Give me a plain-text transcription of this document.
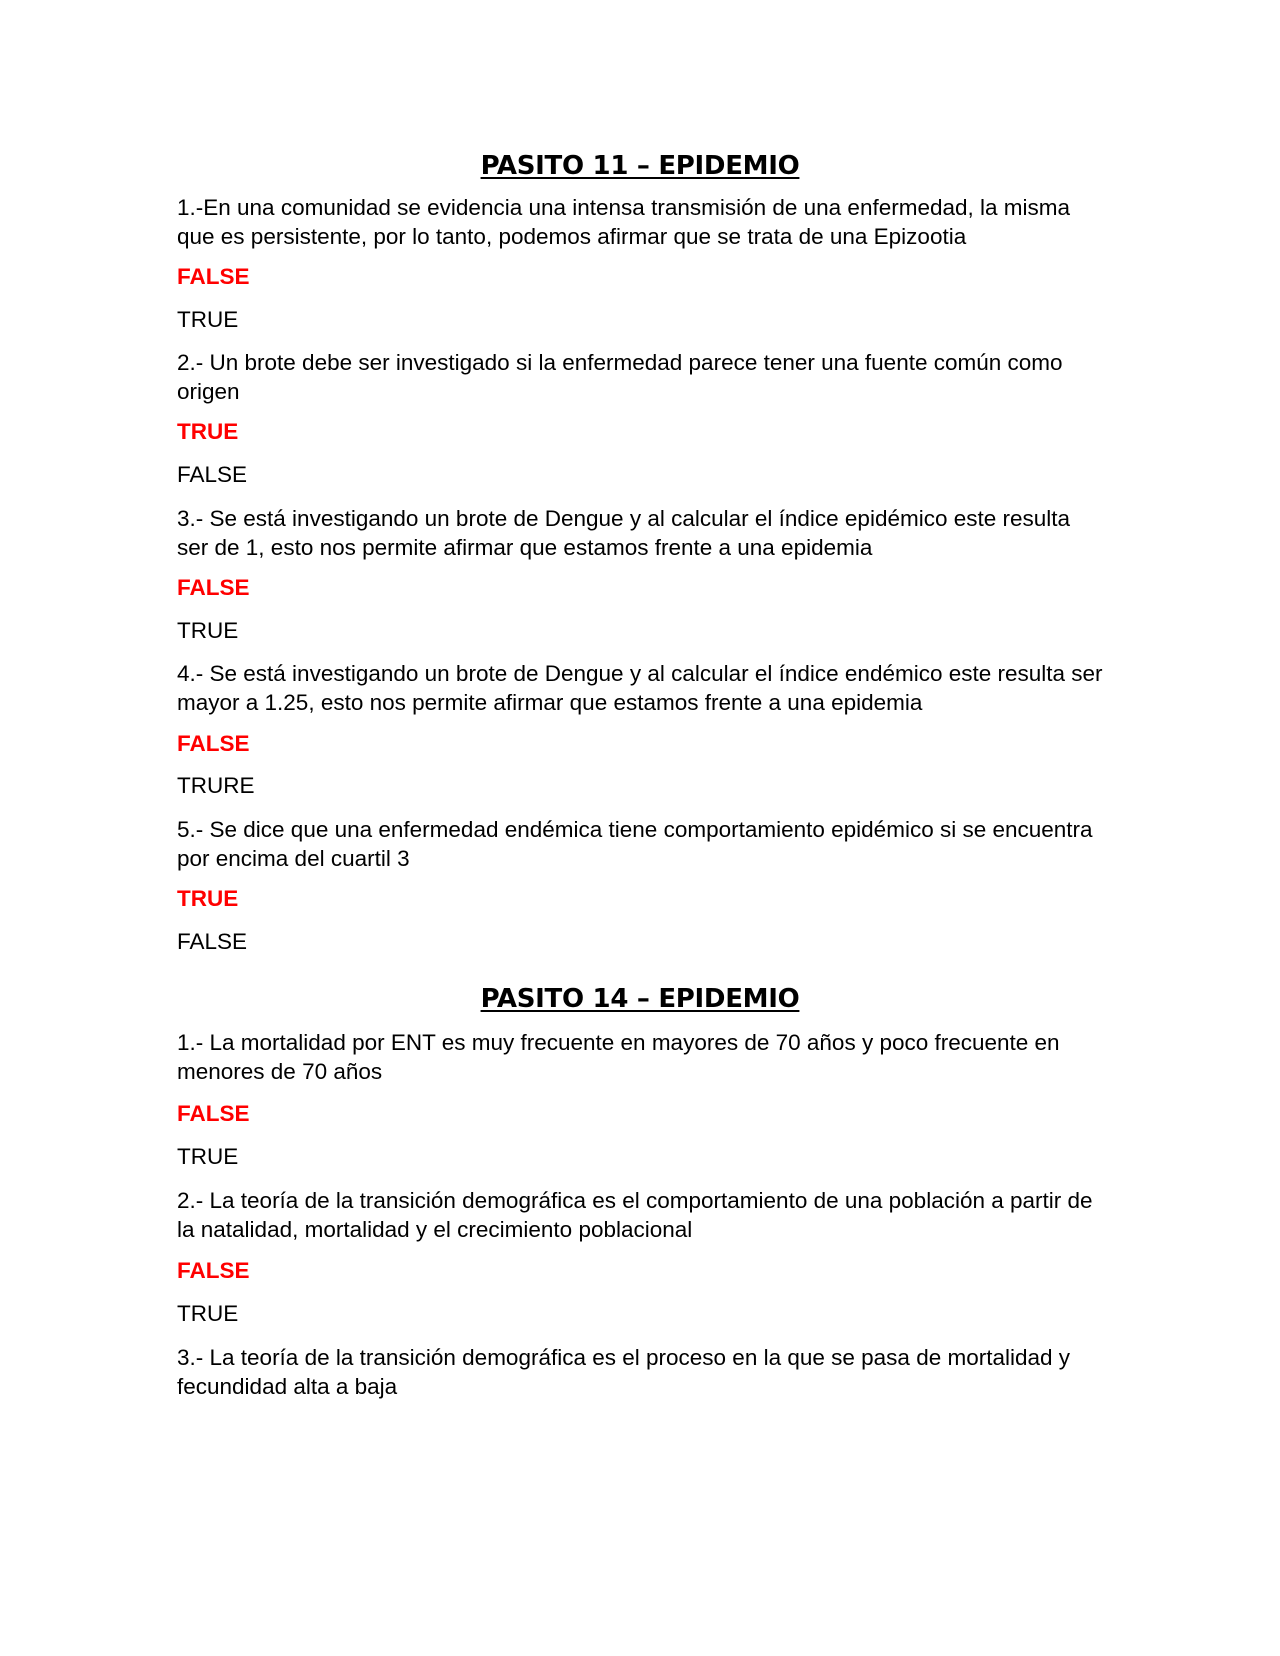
PASITO 11 – EPIDEMIO

1.-En una comunidad se evidencia una intensa transmisión de una enfermedad, la misma que es persistente, por lo tanto, podemos afirmar que se trata de una Epizootia

FALSE

TRUE

2.- Un brote debe ser investigado si la enfermedad parece tener una fuente común como origen

TRUE

FALSE

3.- Se está investigando un brote de Dengue y al calcular el índice epidémico este resulta ser de 1, esto nos permite afirmar que estamos frente a una epidemia

FALSE

TRUE

4.- Se está investigando un brote de Dengue y al calcular el índice endémico este resulta ser mayor a 1.25, esto nos permite afirmar que estamos frente a una epidemia

FALSE

TRURE

5.- Se dice que una enfermedad endémica tiene comportamiento epidémico si se encuentra por encima del cuartil 3

TRUE

FALSE

PASITO 14 – EPIDEMIO

1.- La mortalidad por ENT es muy frecuente en mayores de 70 años y poco frecuente en menores de 70 años

FALSE

TRUE

2.- La teoría de la transición demográfica es el comportamiento de una población a partir de la natalidad, mortalidad y el crecimiento poblacional

FALSE

TRUE

3.- La teoría de la transición demográfica es el proceso en la que se pasa de mortalidad y fecundidad alta a baja
